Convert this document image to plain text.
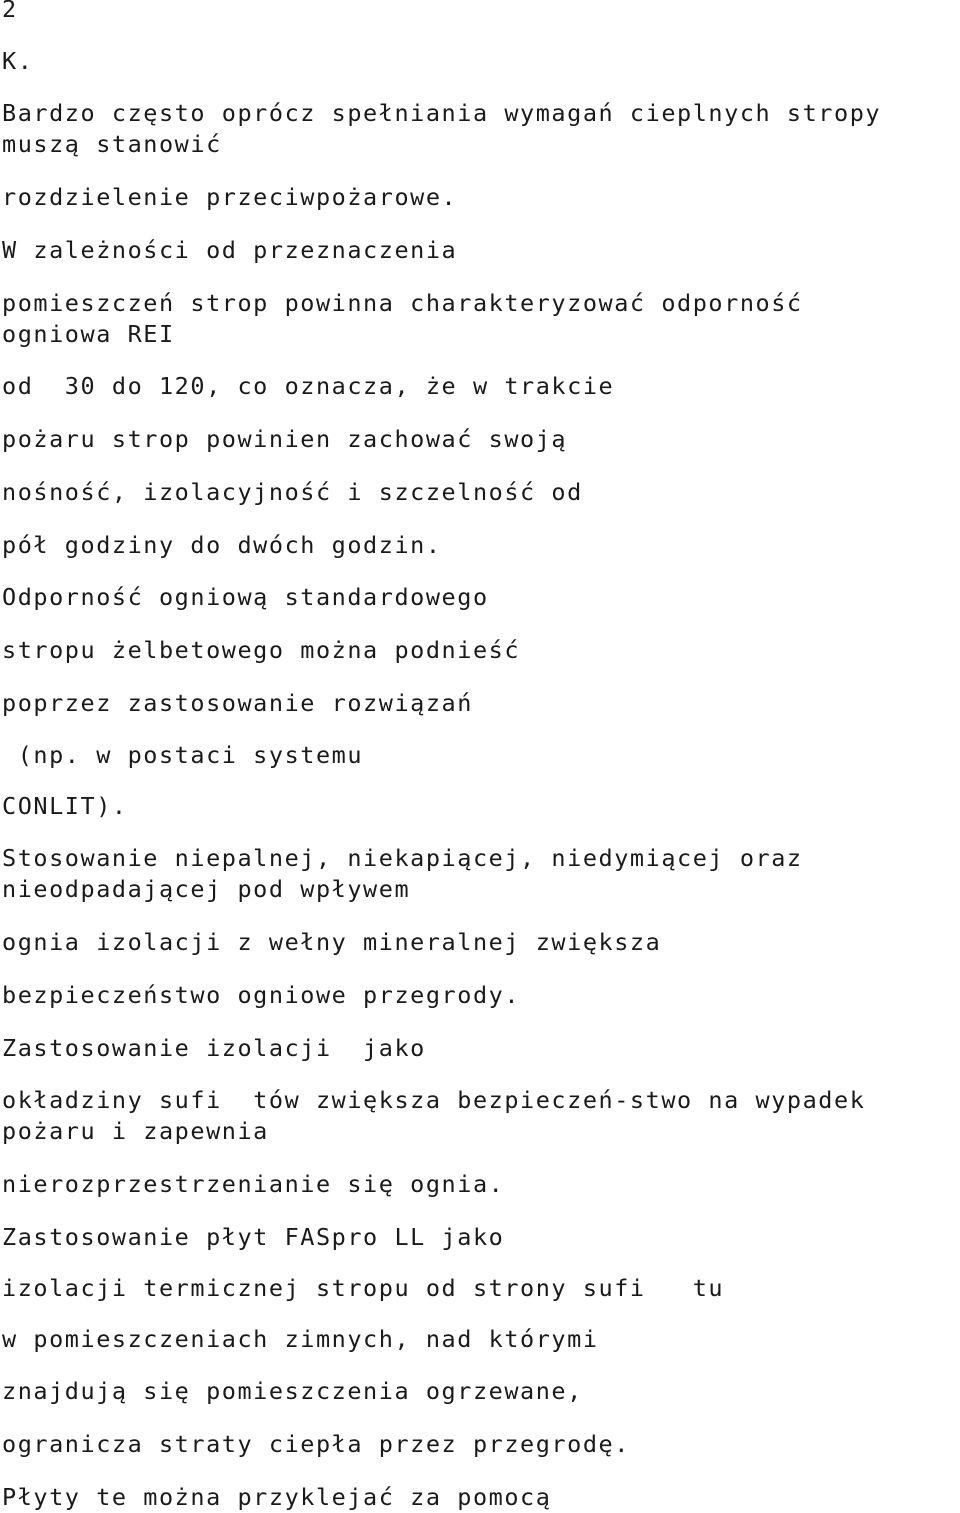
2

K.

Bardzo często oprócz spełniania wymagań cieplnych stropy

muszą stanowić

rozdzielenie przeciwpożarowe.

W zależności od przeznaczenia

pomieszczeń strop powinna charakteryzować odporność

ogniowa REI

od  30 do 120, co oznacza, że w trakcie

pożaru strop powinien zachować swoją

nośność, izolacyjność i szczelność od

pół godziny do dwóch godzin.

Odporność ogniową standardowego

stropu żelbetowego można podnieść

poprzez zastosowanie rozwiązań

(np. w postaci systemu

CONLIT).

Stosowanie niepalnej, niekapiącej, niedymiącej oraz

nieodpadającej pod wpływem

ognia izolacji z wełny mineralnej zwiększa

bezpieczeństwo ogniowe przegrody.

Zastosowanie izolacji  jako

okładziny sufi  tów zwiększa bezpieczeń-stwo na wypadek

pożaru i zapewnia

nierozprzestrzenianie się ognia.

Zastosowanie płyt FASpro LL jako

izolacji termicznej stropu od strony sufi   tu

w pomieszczeniach zimnych, nad którymi

znajdują się pomieszczenia ogrzewane,

ogranicza straty ciepła przez przegrodę.

Płyty te można przyklejać za pomocą
